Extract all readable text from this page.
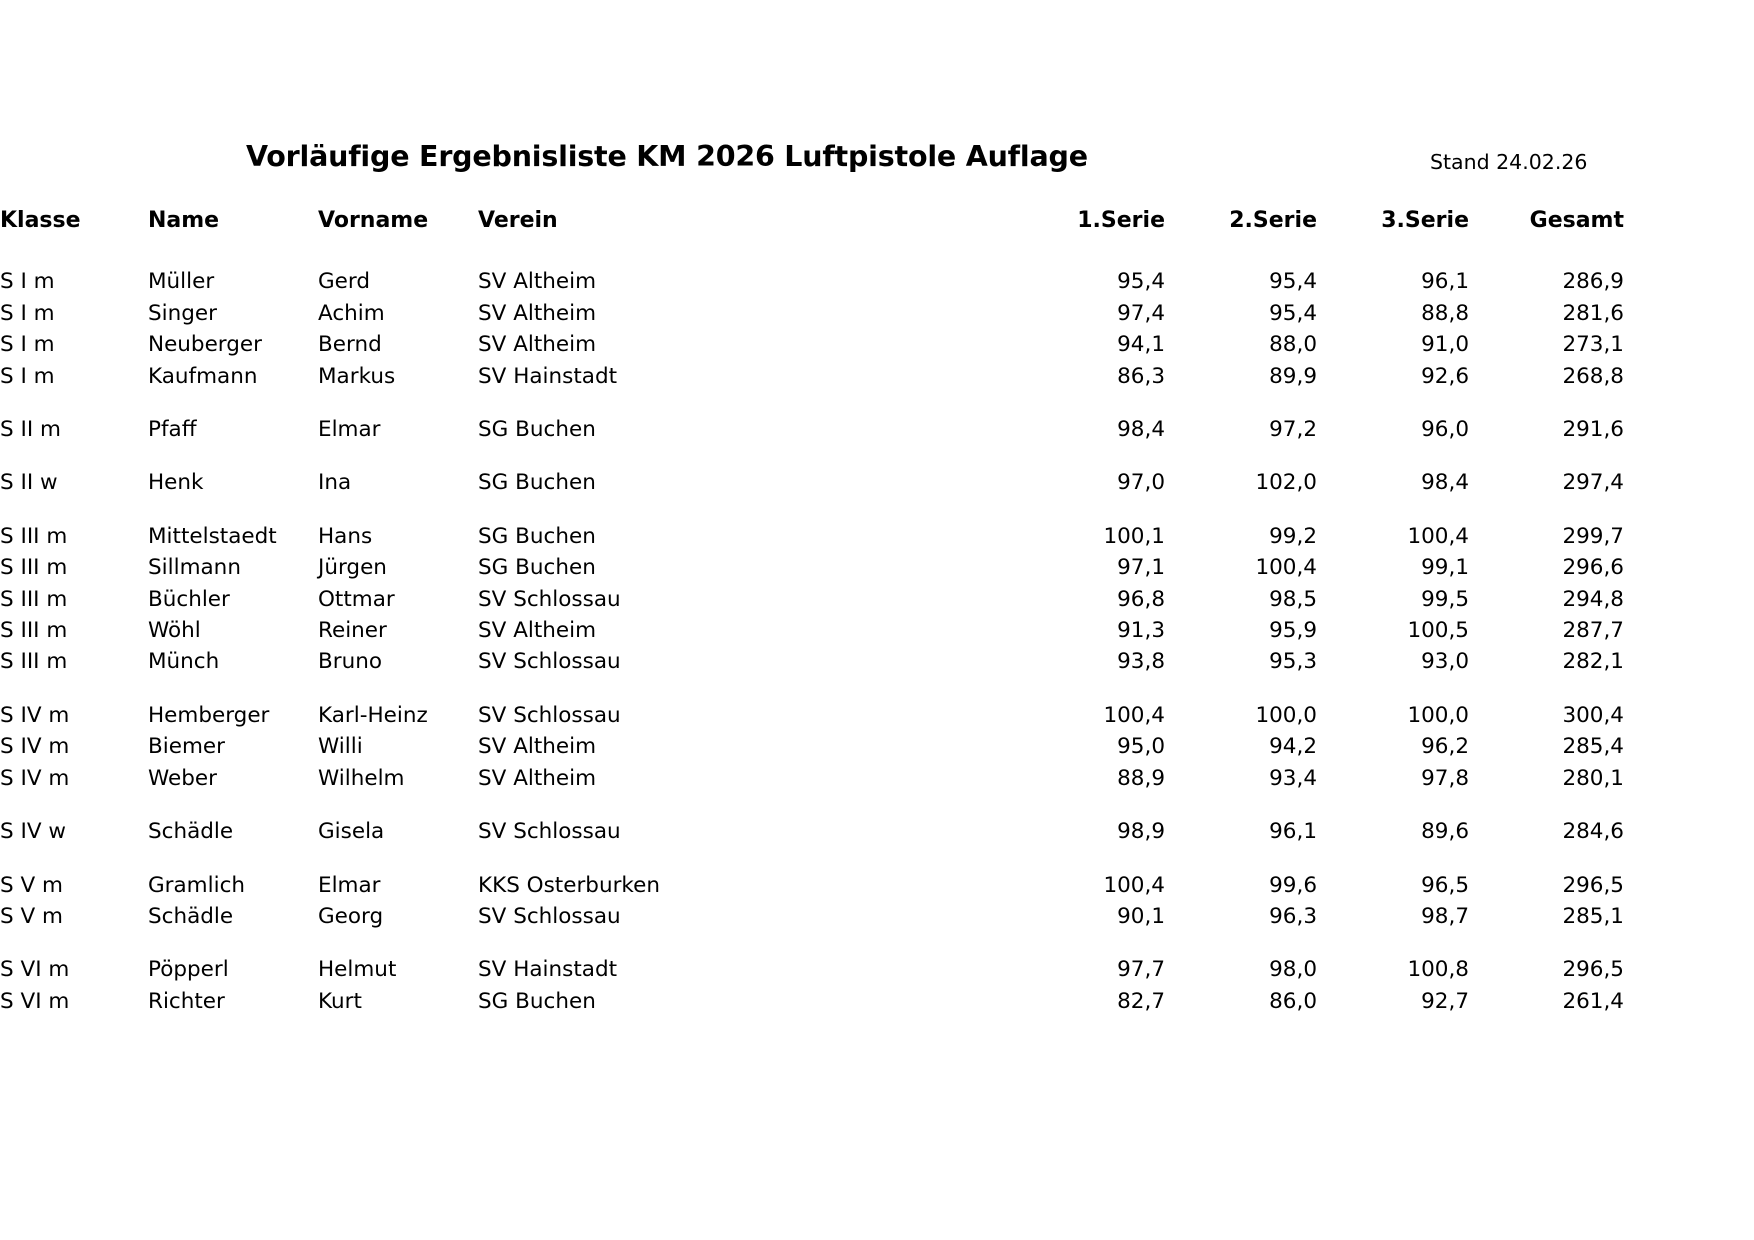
Vorläufige Ergebnisliste KM 2026 Luftpistole Auflage	Stand 24.02.26
Klasse	Name	Vorname	Verein		1.Serie	2.Serie	3.Serie	Gesamt	
S I m	Müller	Gerd	SV Altheim		95,4	95,4	96,1	286,9	
S I m	Singer	Achim	SV Altheim		97,4	95,4	88,8	281,6	
S I m	Neuberger	Bernd	SV Altheim		94,1	88,0	91,0	273,1	
S I m	Kaufmann	Markus	SV Hainstadt		86,3	89,9	92,6	268,8	

S II m	Pfaff	Elmar	SG Buchen		98,4	97,2	96,0	291,6	

S II w	Henk	Ina	SG Buchen		97,0	102,0	98,4	297,4	

S III m	Mittelstaedt	Hans	SG Buchen		100,1	99,2	100,4	299,7	
S III m	Sillmann	Jürgen	SG Buchen		97,1	100,4	99,1	296,6	
S III m	Büchler	Ottmar	SV Schlossau		96,8	98,5	99,5	294,8	
S III m	Wöhl	Reiner	SV Altheim		91,3	95,9	100,5	287,7	
S III m	Münch	Bruno	SV Schlossau		93,8	95,3	93,0	282,1	

S IV m	Hemberger	Karl-Heinz	SV Schlossau		100,4	100,0	100,0	300,4	
S IV m	Biemer	Willi	SV Altheim		95,0	94,2	96,2	285,4	
S IV m	Weber	Wilhelm	SV Altheim		88,9	93,4	97,8	280,1	

S IV w	Schädle	Gisela	SV Schlossau		98,9	96,1	89,6	284,6	

S V m	Gramlich	Elmar	KKS Osterburken		100,4	99,6	96,5	296,5	
S V m	Schädle	Georg	SV Schlossau		90,1	96,3	98,7	285,1	

S VI m	Pöpperl	Helmut	SV Hainstadt		97,7	98,0	100,8	296,5	
S VI m	Richter	Kurt	SG Buchen		82,7	86,0	92,7	261,4	
